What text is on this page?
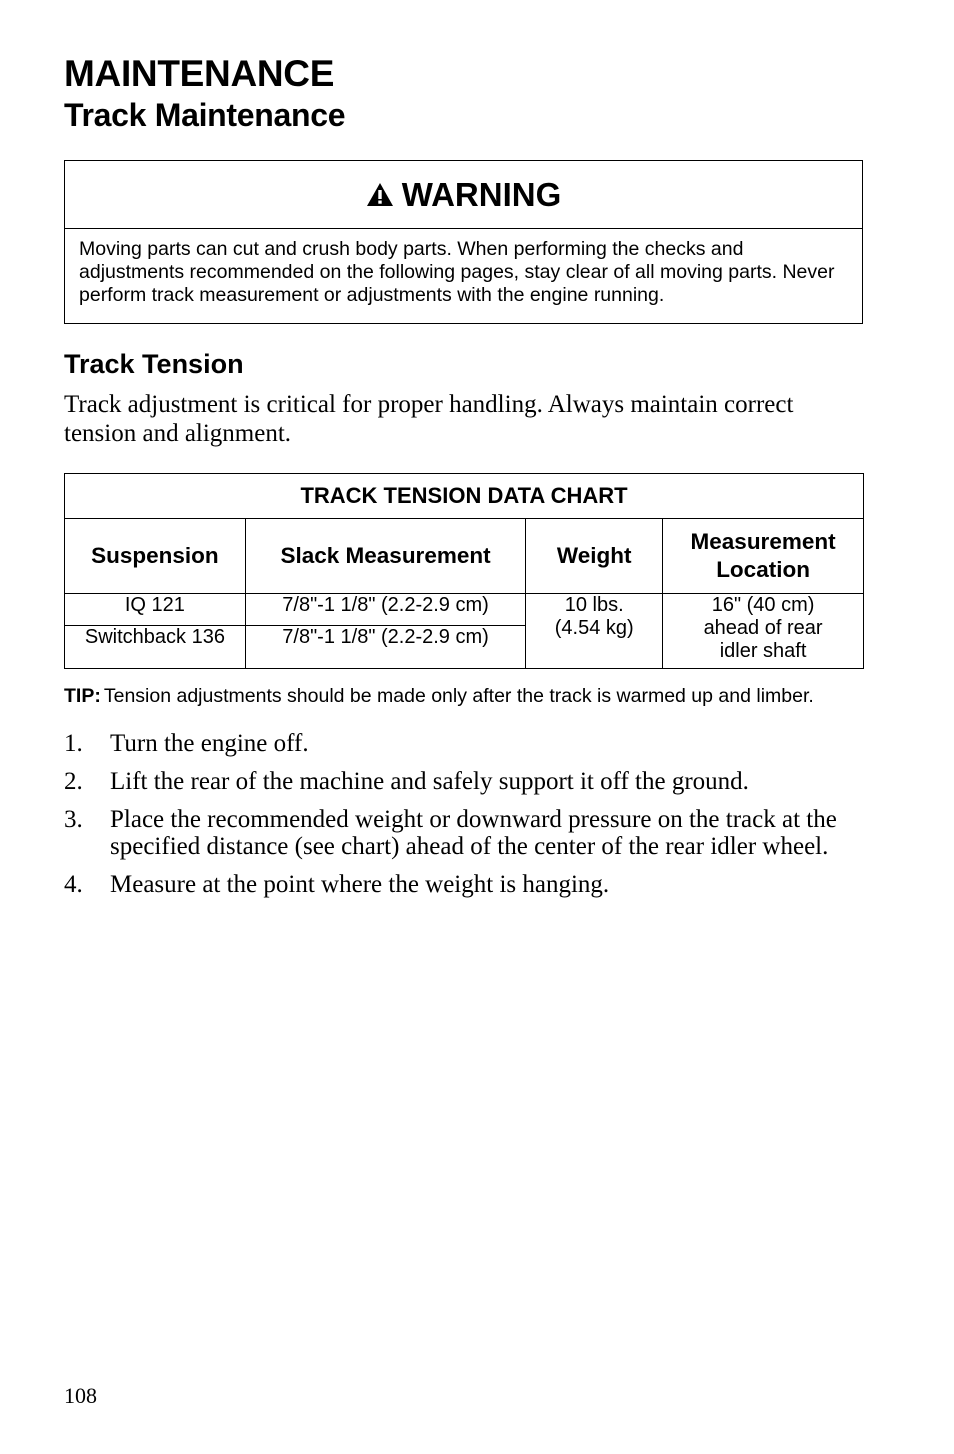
MAINTENANCE
Track Maintenance
WARNING
Moving parts can cut and crush body parts. When performing the checks and adjustments recommended on the following pages, stay clear of all moving parts. Never perform track measurement or adjustments with the engine running.
Track Tension

Track adjustment is critical for proper handling. Always maintain correct tension and alignment.

TRACK TENSION DATA CHART			
Suspension	Slack Measurement	Weight	Measurement Location
IQ 121	7/8"-1 1/8" (2.2-2.9 cm)	10 lbs. (4.54 kg)	16" (40 cm) ahead of rear idler shaft

Switchback 136	7/8"-1 1/8" (2.2-2.9 cm)		
TIP: Tension adjustments should be made only after the track is warmed up and limber.
1.	Turn the engine off.
2.	Lift the rear of the machine and safely support it off the ground.
3.	Place the recommended weight or downward pressure on the track at the specified distance (see chart) ahead of the center of the rear idler wheel.
4.	Measure at the point where the weight is hanging.
108
